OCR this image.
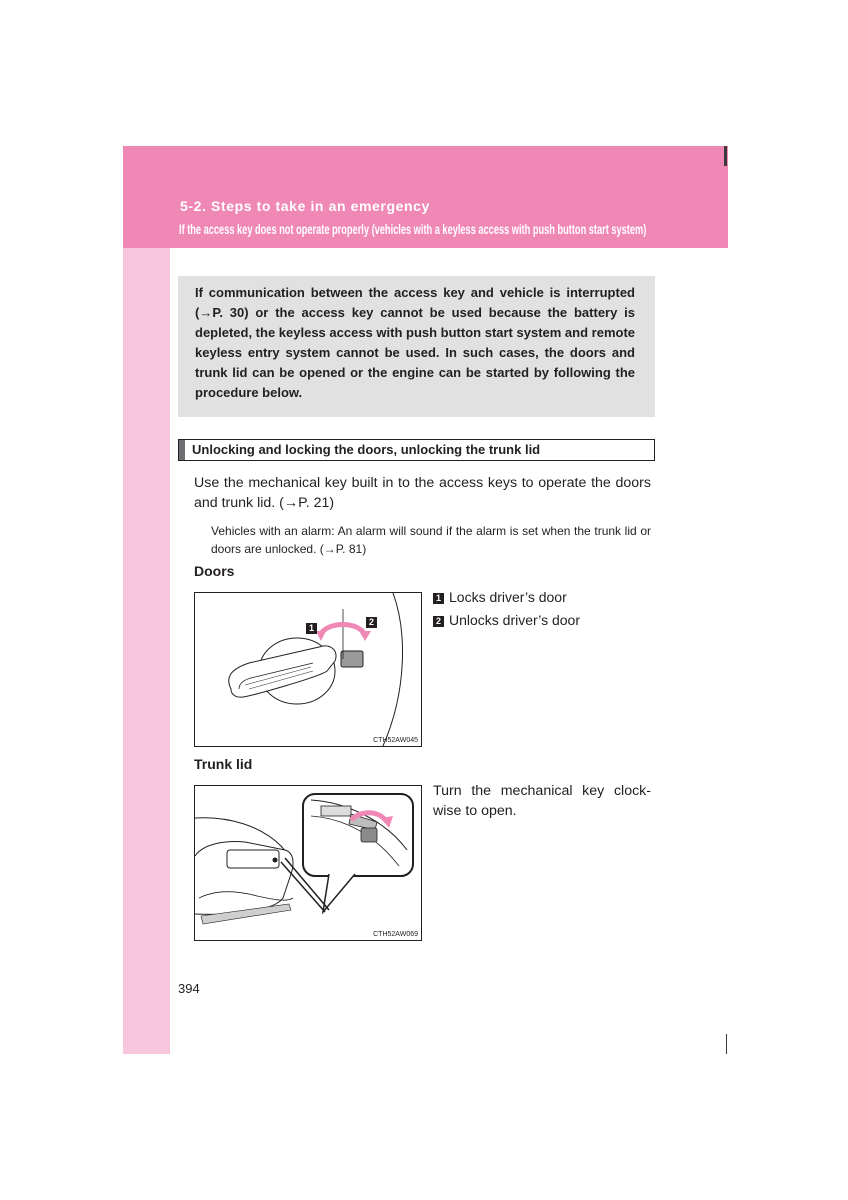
5-2. Steps to take in an emergency
If the access key does not operate properly (vehicles with a keyless access with push button start system)
If communication between the access key and vehicle is interrupted (→P. 30) or the access key cannot be used because the battery is depleted, the keyless access with push button start system and remote keyless entry system cannot be used. In such cases, the doors and trunk lid can be opened or the engine can be started by following the procedure below.
Unlocking and locking the doors, unlocking the trunk lid
Use the mechanical key built in to the access keys to operate the doors and trunk lid. (→P. 21)
Vehicles with an alarm: An alarm will sound if the alarm is set when the trunk lid or doors are unlocked. (→P. 81)
Doors
1
2
CTH52AW045
1 Locks driver’s door
2 Unlocks driver’s door
Trunk lid
CTH52AW069
Turn the mechanical key clock-wise to open.
394
